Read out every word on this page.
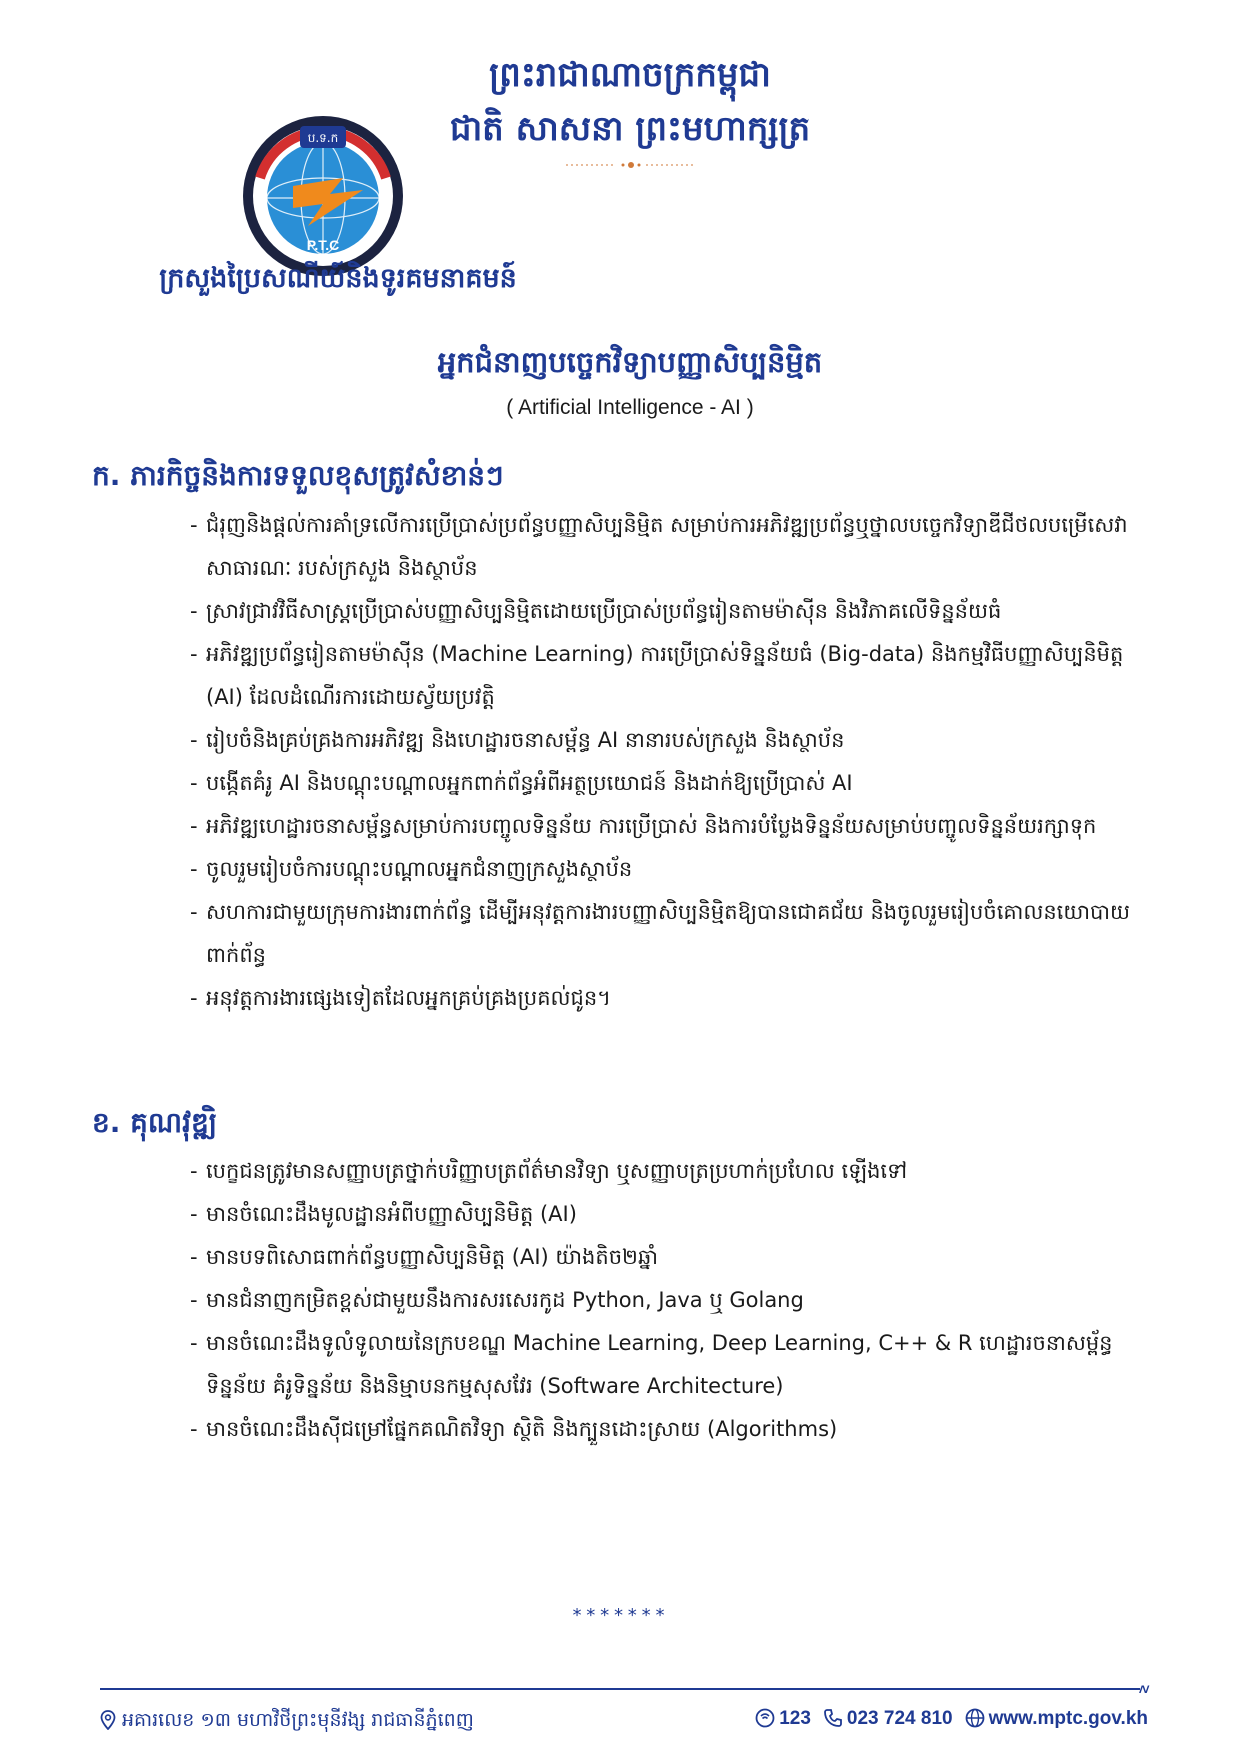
ព្រះរាជាណាចក្រកម្ពុជា
ជាតិ សាសនា ព្រះមហាក្សត្រ
ប.ទ.ក
P.T.C
ក្រសួងប្រៃសណីយ៍និងទូរគមនាគមន៍
អ្នកជំនាញបច្ចេកវិទ្យាបញ្ញាសិប្បនិម្មិត
( Artificial Intelligence - AI )
ក. ភារកិច្ចនិងការទទួលខុសត្រូវសំខាន់ៗ
- ជំរុញនិងផ្ដល់ការគាំទ្រលើការប្រើប្រាស់ប្រព័ន្ធបញ្ញាសិប្បនិម្មិត សម្រាប់ការអភិវឌ្ឍប្រព័ន្ធឬថ្នាលបច្ចេកវិទ្យាឌីជីថលបម្រើសេវាសាធារណៈ របស់ក្រសួង និងស្ថាប័ន
- ស្រាវជ្រាវវិធីសាស្ត្រប្រើប្រាស់បញ្ញាសិប្បនិម្មិតដោយប្រើប្រាស់ប្រព័ន្ធរៀនតាមម៉ាស៊ីន និងវិភាគលើទិន្នន័យធំ
- អភិវឌ្ឍប្រព័ន្ធរៀនតាមម៉ាស៊ីន (Machine Learning) ការប្រើប្រាស់ទិន្នន័យធំ (Big-data) និងកម្មវិធីបញ្ញាសិប្បនិមិត្ត (AI) ដែលដំណើរការដោយស្វ័យប្រវត្តិ
- រៀបចំនិងគ្រប់គ្រងការអភិវឌ្ឍ និងហេដ្ឋារចនាសម្ព័ន្ធ AI នានារបស់ក្រសួង និងស្ថាប័ន
- បង្កើតគំរូ AI និងបណ្ដុះបណ្ដាលអ្នកពាក់ព័ន្ធអំពីអត្ថប្រយោជន៍ និងដាក់ឱ្យប្រើប្រាស់ AI
- អភិវឌ្ឍហេដ្ឋារចនាសម្ព័ន្ធសម្រាប់ការបញ្ចូលទិន្នន័យ ការប្រើប្រាស់ និងការបំប្លែងទិន្នន័យសម្រាប់បញ្ចូលទិន្នន័យរក្សាទុក
- ចូលរួមរៀបចំការបណ្ដុះបណ្ដាលអ្នកជំនាញក្រសួងស្ថាប័ន
- សហការជាមួយក្រុមការងារពាក់ព័ន្ធ ដើម្បីអនុវត្តការងារបញ្ញាសិប្បនិម្មិតឱ្យបានជោគជ័យ និងចូលរួមរៀបចំគោលនយោបាយពាក់ព័ន្ធ
- អនុវត្តការងារផ្សេងទៀតដែលអ្នកគ្រប់គ្រងប្រគល់ជូន។
ខ. គុណវុឌ្ឍិ
- បេក្ខជនត្រូវមានសញ្ញាបត្រថ្នាក់បរិញ្ញាបត្រព័ត៌មានវិទ្យា ឬសញ្ញាបត្រប្រហាក់ប្រហែល ឡើងទៅ
- មានចំណេះដឹងមូលដ្ឋានអំពីបញ្ញាសិប្បនិមិត្ត (AI)
- មានបទពិសោធពាក់ព័ន្ធបញ្ញាសិប្បនិមិត្ត (AI) យ៉ាងតិច២ឆ្នាំ
- មានជំនាញកម្រិតខ្ពស់ជាមួយនឹងការសរសេរកូដ Python, Java ឬ Golang
- មានចំណេះដឹងទូលំទូលាយនៃក្របខណ្ឌ Machine Learning, Deep Learning, C++ & R ហេដ្ឋារចនាសម្ព័ន្ធទិន្នន័យ គំរូទិន្នន័យ និងនិម្មាបនកម្មសុសវែរ (Software Architecture)
- មានចំណេះដឹងស៊ីជម្រៅផ្នែកគណិតវិទ្យា ស្ថិតិ និងក្បួនដោះស្រាយ (Algorithms)
*******
៷
អគារលេខ ១៣ មហាវិថីព្រះមុនីវង្ស រាជធានីភ្នំពេញ	123 023 724 810 www.mptc.gov.kh
